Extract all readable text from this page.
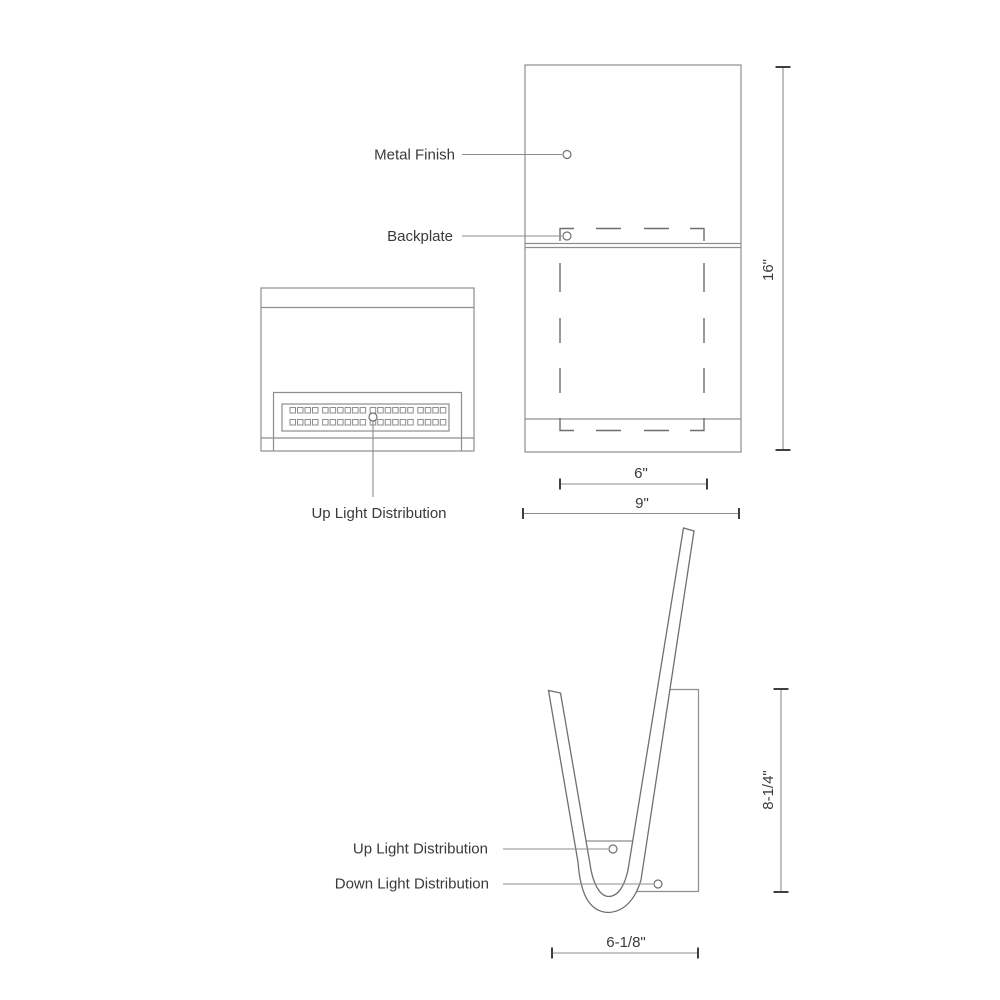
Metal Finish
Backplate
16"
6"
9"
Up Light Distribution
Up Light Distribution
Down Light Distribution
8-1/4"
6-1/8"
